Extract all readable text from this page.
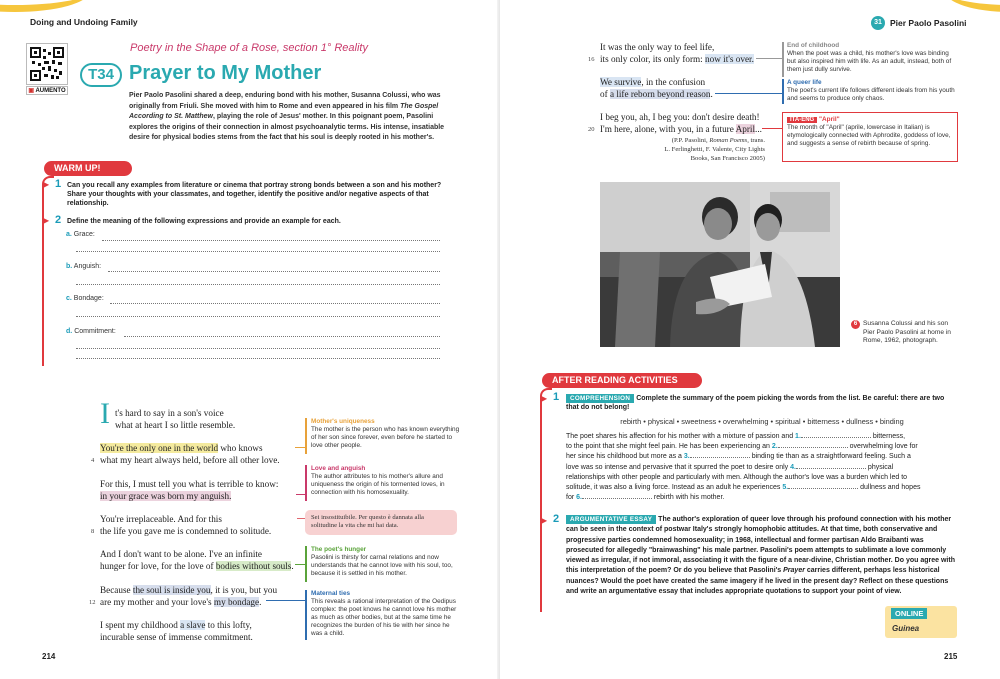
Doing and Undoing Family
▣ AUMENTO
Poetry in the Shape of a Rose, section 1° Reality
T34 Prayer to My Mother
Pier Paolo Pasolini shared a deep, enduring bond with his mother, Susanna Colussi, who was originally from Friuli. She moved with him to Rome and even appeared in his film The Gospel According to St. Matthew, playing the role of Jesus' mother. In this poignant poem, Pasolini explores the origins of their connection in almost psychoanalytic terms. His intense, insatiable desire for physical bodies stems from the fact that his soul is deeply rooted in his mother's.
WARM UP!
▶ 1 Can you recall any examples from literature or cinema that portray strong bonds between a son and his mother? Share your thoughts with your classmates, and together, identify the positive and/or negative aspects of that relationship.
▶ 2 Define the meaning of the following expressions and provide an example for each.
a. Grace:
b. Anguish:
c. Bondage:
d. Commitment:
I t's hard to say in a son's voice
what at heart I so little resemble.
You're the only one in the world who knows
4 what my heart always held, before all other love.
For this, I must tell you what is terrible to know:
in your grace was born my anguish.
You're irreplaceable. And for this
8 the life you gave me is condemned to solitude.
And I don't want to be alone. I've an infinite
hunger for love, for the love of bodies without souls.
Because the soul is inside you, it is you, but you
12 are my mother and your love's my bondage.
I spent my childhood a slave to this lofty,
incurable sense of immense commitment.
Mother's uniqueness
The mother is the person who has known everything of her son since forever, even before he started to love other people.
Love and anguish
The author attributes to his mother's allure and uniqueness the origin of his tormented loves, in connection with his homosexuality.
Sei insostituibile. Per questo è dannata alla solitudine la vita che mi hai data.
The poet's hunger
Pasolini is thirsty for carnal relations and now understands that he cannot love with his soul, too, because it is settled in his mother.
Maternal ties
This reveals a rational interpretation of the Oedipus complex: the poet knows he cannot love his mother as much as other bodies, but at the same time he recognizes the burden of his tie with her since he was a child.
214
31 Pier Paolo Pasolini
It was the only way to feel life,
16 its only color, its only form: now it's over.
We survive, in the confusion
of a life reborn beyond reason.
I beg you, ah, I beg you: don't desire death!
20 I'm here, alone, with you, in a future April...
(P.P. Pasolini, Roman Poems, trans.
L. Ferlinghetti, F. Valente, City Lights
Books, San Francisco 2005)
End of childhood
When the poet was a child, his mother's love was binding but also inspired him with life. As an adult, instead, both of them just dully survive.
A queer life
The poet's current life follows different ideals from his youth and seems to produce only chaos.
ITA-ENG "April"
The month of "April" (aprile, lowercase in Italian) is etymologically connected with Aphrodite, goddess of love, and suggests a sense of rebirth because of spring.
6 Susanna Colussi and his son Pier Paolo Pasolini at home in Rome, 1962, photograph.
AFTER READING ACTIVITIES
▶ 1	COMPREHENSION Complete the summary of the poem picking the words from the list. Be careful: there are two that do not belong!
rebirth • physical • sweetness • overwhelming • spiritual • bitterness • dullness • binding
The poet shares his affection for his mother with a mixture of passion and 1.	bitterness,
to the point that she might feel pain. He has been experiencing an 2.	overwhelming love for
her since his childhood but more as a 3.	binding tie than as a straightforward feeling. Such a
love was so intense and pervasive that it spurred the poet to desire only 4.	physical
relationships with other people and particularly with men. Although the author's love was a burden which led to
solitude, it was also a living force. Instead as an adult he experiences 5.	dullness and hopes
for 6.	rebirth with his mother.
▶ 2	ARGUMENTATIVE ESSAY The author's exploration of queer love through his profound connection with his mother can be seen in the context of postwar Italy's strongly homophobic attitudes. At that time, both conservative and progressive parties condemned homosexuality; in 1968, intellectual and former partisan Aldo Braibanti was prosecuted for allegedly "brainwashing" his male partner. Pasolini's poem attempts to sublimate a love commonly viewed as irregular, if not immoral, associating it with the figure of a near-divine, Christian mother. Do you agree with this interpretation of the poem? Or do you believe that Pasolini's Prayer carries different, perhaps less historical nuances? Would the poet have created the same imagery if he lived in the present day? Reflect on these questions and write an argumentative essay that includes appropriate quotations to support your point of view.
ONLINE
Guinea
215
